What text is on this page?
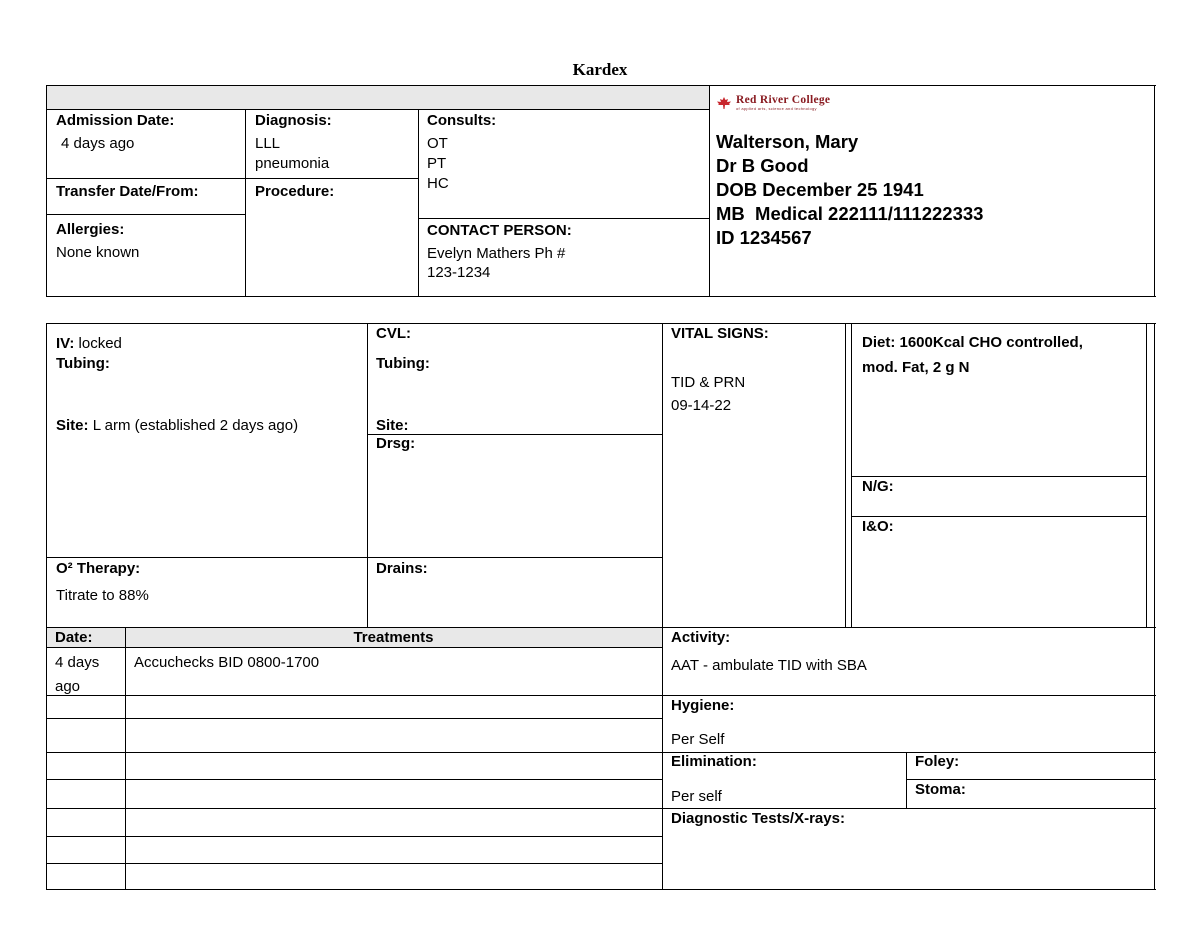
Kardex
Admission Date:
4 days ago
Diagnosis:
LLL
pneumonia
Consults:
OT
PT
HC
Transfer Date/From:	Procedure:
Allergies:
None known
CONTACT PERSON:
Evelyn Mathers Ph #
123-1234
Red River College
of applied arts, science and technology
Walterson, Mary
Dr B Good
DOB December 25 1941
MB  Medical 222111/111222333
ID 1234567
IV: locked
Tubing:
Site: L arm (established 2 days ago)
CVL:
Tubing:
Site:
Drsg:
Drains:
O² Therapy:
Titrate to 88%
VITAL SIGNS:
TID & PRN
09-14-22
Diet: 1600Kcal CHO controlled,
mod. Fat, 2 g N
N/G:
I&O:
Date:	Treatments
4 days
ago
Accuchecks BID 0800-1700
Activity:
AAT - ambulate TID with SBA
Hygiene:
Per Self
Elimination:
Per self
Foley:
Stoma:
Diagnostic Tests/X-rays:
